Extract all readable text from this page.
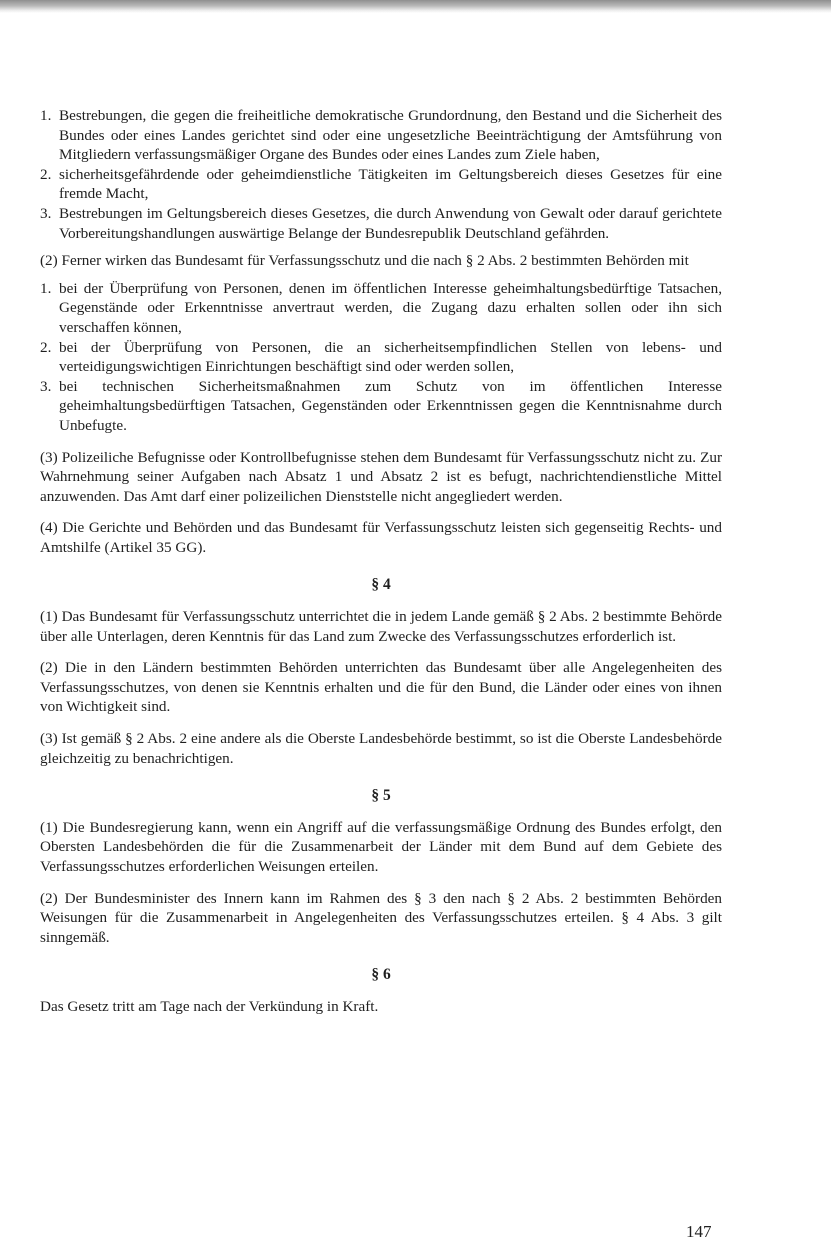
1. Bestrebungen, die gegen die freiheitliche demokratische Grundordnung, den Bestand und die Sicherheit des Bundes oder eines Landes gerichtet sind oder eine ungesetzliche Beeinträchtigung der Amtsführung von Mitgliedern verfassungsmäßiger Organe des Bundes oder eines Landes zum Ziele haben,
2. sicherheitsgefährdende oder geheimdienstliche Tätigkeiten im Geltungsbereich dieses Gesetzes für eine fremde Macht,
3. Bestrebungen im Geltungsbereich dieses Gesetzes, die durch Anwendung von Gewalt oder darauf gerichtete Vorbereitungshandlungen auswärtige Belange der Bundesrepublik Deutschland gefährden.

(2) Ferner wirken das Bundesamt für Verfassungsschutz und die nach § 2 Abs. 2 bestimmten Behörden mit

1. bei der Überprüfung von Personen, denen im öffentlichen Interesse geheimhaltungsbedürftige Tatsachen, Gegenstände oder Erkenntnisse anvertraut werden, die Zugang dazu erhalten sollen oder ihn sich verschaffen können,
2. bei der Überprüfung von Personen, die an sicherheitsempfindlichen Stellen von lebens- und verteidigungswichtigen Einrichtungen beschäftigt sind oder werden sollen,
3. bei technischen Sicherheitsmaßnahmen zum Schutz von im öffentlichen Interesse geheimhaltungsbedürftigen Tatsachen, Gegenständen oder Erkenntnissen gegen die Kenntnisnahme durch Unbefugte.

(3) Polizeiliche Befugnisse oder Kontrollbefugnisse stehen dem Bundesamt für Verfassungsschutz nicht zu. Zur Wahrnehmung seiner Aufgaben nach Absatz 1 und Absatz 2 ist es befugt, nachrichtendienstliche Mittel anzuwenden. Das Amt darf einer polizeilichen Dienststelle nicht angegliedert werden.

(4) Die Gerichte und Behörden und das Bundesamt für Verfassungsschutz leisten sich gegenseitig Rechts- und Amtshilfe (Artikel 35 GG).

§ 4

(1) Das Bundesamt für Verfassungsschutz unterrichtet die in jedem Lande gemäß § 2 Abs. 2 bestimmte Behörde über alle Unterlagen, deren Kenntnis für das Land zum Zwecke des Verfassungsschutzes erforderlich ist.

(2) Die in den Ländern bestimmten Behörden unterrichten das Bundesamt über alle Angelegenheiten des Verfassungsschutzes, von denen sie Kenntnis erhalten und die für den Bund, die Länder oder eines von ihnen von Wichtigkeit sind.

(3) Ist gemäß § 2 Abs. 2 eine andere als die Oberste Landesbehörde bestimmt, so ist die Oberste Landesbehörde gleichzeitig zu benachrichtigen.

§ 5

(1) Die Bundesregierung kann, wenn ein Angriff auf die verfassungsmäßige Ordnung des Bundes erfolgt, den Obersten Landesbehörden die für die Zusammenarbeit der Länder mit dem Bund auf dem Gebiete des Verfassungsschutzes erforderlichen Weisungen erteilen.

(2) Der Bundesminister des Innern kann im Rahmen des § 3 den nach § 2 Abs. 2 bestimmten Behörden Weisungen für die Zusammenarbeit in Angelegenheiten des Verfassungsschutzes erteilen. § 4 Abs. 3 gilt sinngemäß.

§ 6

Das Gesetz tritt am Tage nach der Verkündung in Kraft.

147
